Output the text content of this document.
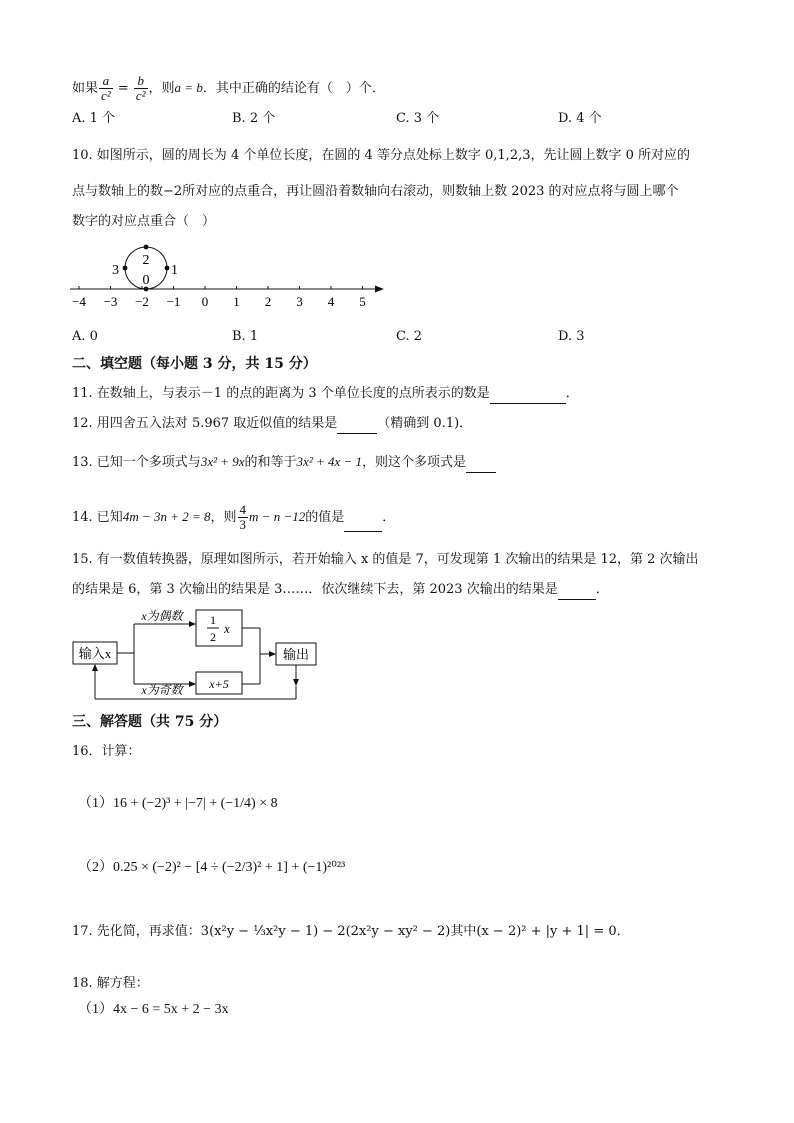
如果 $\frac{a}{\text{c²}} = \frac{b}{\text{c²}}$ ，则a = b．其中正确的结论有（　）个．
A. 1 个	B. 2 个	C. 3 个	D. 4 个
10. 如图所示，圆的周长为 4 个单位长度，在圆的 4 等分点处标上数字 0,1,2,3，先让圆上数字 0 所对应的
点与数轴上的数−2所对应的点重合，再让圆沿着数轴向右滚动，则数轴上数 2023 的对应点将与圆上哪个
数字的对应点重合（　）
−4 −3 −2 −1 0 1 2 3 4 5
2
0
3	1
A. 0	B. 1	C. 2	D. 3
二、填空题（每小题 3 分，共 15 分）
11. 在数轴上，与表示－1 的点的距离为 3 个单位长度的点所表示的数是	．
12. 用四舍五入法对 5.967 取近似值的结果是	（精确到 0.1)．
13. 已知一个多项式与3x² + 9x的和等于3x² + 4x − 1，则这个多项式是
14. 已知4m − 3n + 2 = 8，则 $\frac{4}{3}$ m − n −12的值是	．
15. 有一数值转换器，原理如图所示，若开始输入 x 的值是 7，可发现第 1 次输出的结果是 12，第 2 次输出
的结果是 6，第 3 次输出的结果是 3……．依次继续下去，第 2023 次输出的结果是	．
输入x
x为偶数
x为奇数
1
2
x
x+5
输出
三、解答题（共 75 分）
16．计算：
（1）16 + (−2)³ + |−7| + (−1/4) × 8
（2）0.25 × (−2)² − [4 ÷ (−2/3)² + 1] + (−1)²⁰²³
17. 先化简，再求值：3(x²y − ⅓x²y − 1) − 2(2x²y − xy² − 2)其中(x − 2)² + |y + 1| = 0．
18. 解方程：
（1）4x − 6 = 5x + 2 − 3x
